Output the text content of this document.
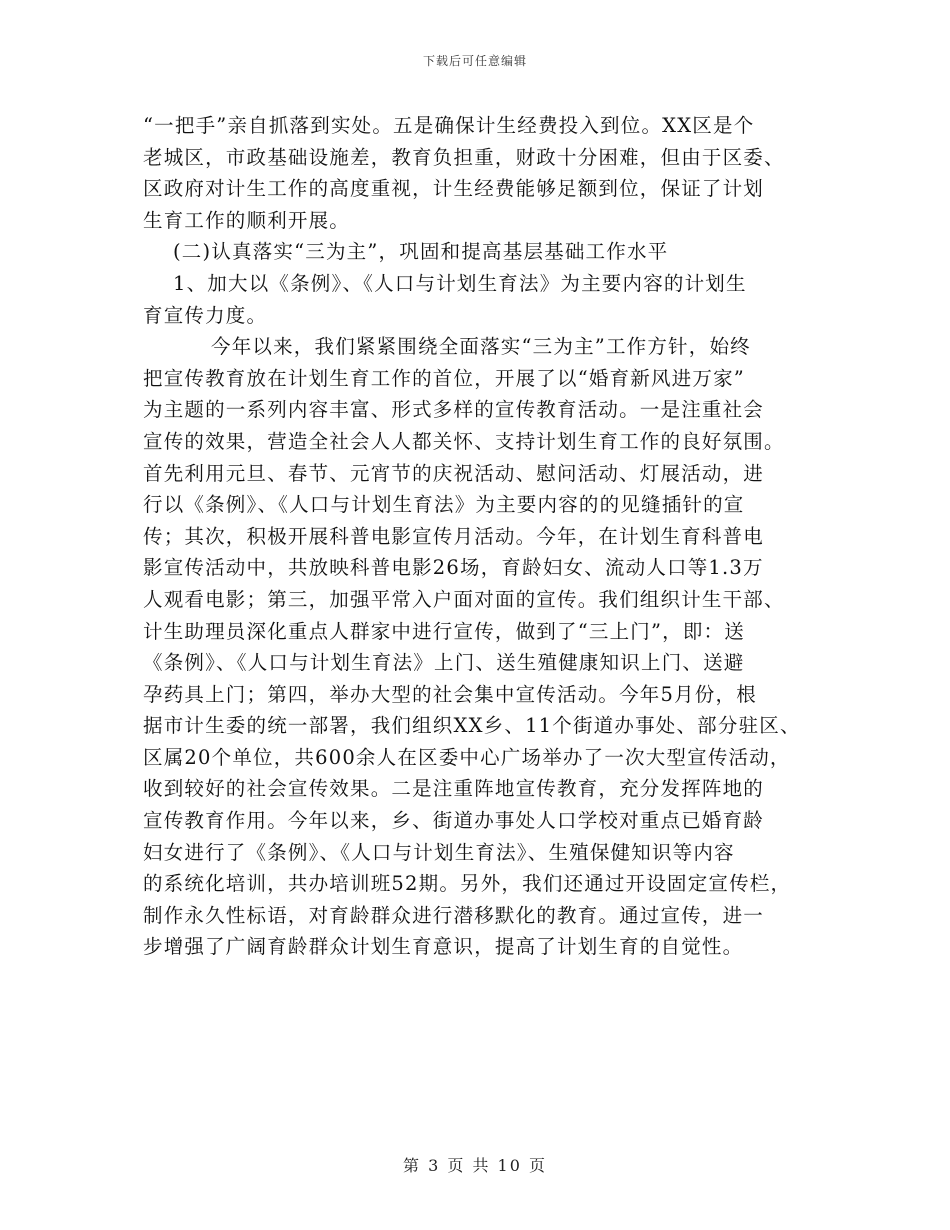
下载后可任意编辑
“一把手”亲自抓落到实处。五是确保计生经费投入到位。XX区是个
老城区，市政基础设施差，教育负担重，财政十分困难，但由于区委、
区政府对计生工作的高度重视，计生经费能够足额到位，保证了计划
生育工作的顺利开展。
(二)认真落实“三为主”，巩固和提高基层基础工作水平
1、加大以《条例》、《人口与计划生育法》为主要内容的计划生
育宣传力度。
今年以来，我们紧紧围绕全面落实“三为主”工作方针，始终
把宣传教育放在计划生育工作的首位，开展了以“婚育新风进万家”
为主题的一系列内容丰富、形式多样的宣传教育活动。一是注重社会
宣传的效果，营造全社会人人都关怀、支持计划生育工作的良好氛围。
首先利用元旦、春节、元宵节的庆祝活动、慰问活动、灯展活动，进
行以《条例》、《人口与计划生育法》为主要内容的的见缝插针的宣
传；其次，积极开展科普电影宣传月活动。今年，在计划生育科普电
影宣传活动中，共放映科普电影26场，育龄妇女、流动人口等1.3万
人观看电影；第三，加强平常入户面对面的宣传。我们组织计生干部、
计生助理员深化重点人群家中进行宣传，做到了“三上门”，即：送
《条例》、《人口与计划生育法》上门、送生殖健康知识上门、送避
孕药具上门；第四，举办大型的社会集中宣传活动。今年5月份，根
据市计生委的统一部署，我们组织XX乡、11个街道办事处、部分驻区、
区属20个单位，共600余人在区委中心广场举办了一次大型宣传活动，
收到较好的社会宣传效果。二是注重阵地宣传教育，充分发挥阵地的
宣传教育作用。今年以来，乡、街道办事处人口学校对重点已婚育龄
妇女进行了《条例》、《人口与计划生育法》、生殖保健知识等内容
的系统化培训，共办培训班52期。另外，我们还通过开设固定宣传栏，
制作永久性标语，对育龄群众进行潜移默化的教育。通过宣传，进一
步增强了广阔育龄群众计划生育意识，提高了计划生育的自觉性。
第 3 页 共 10 页
